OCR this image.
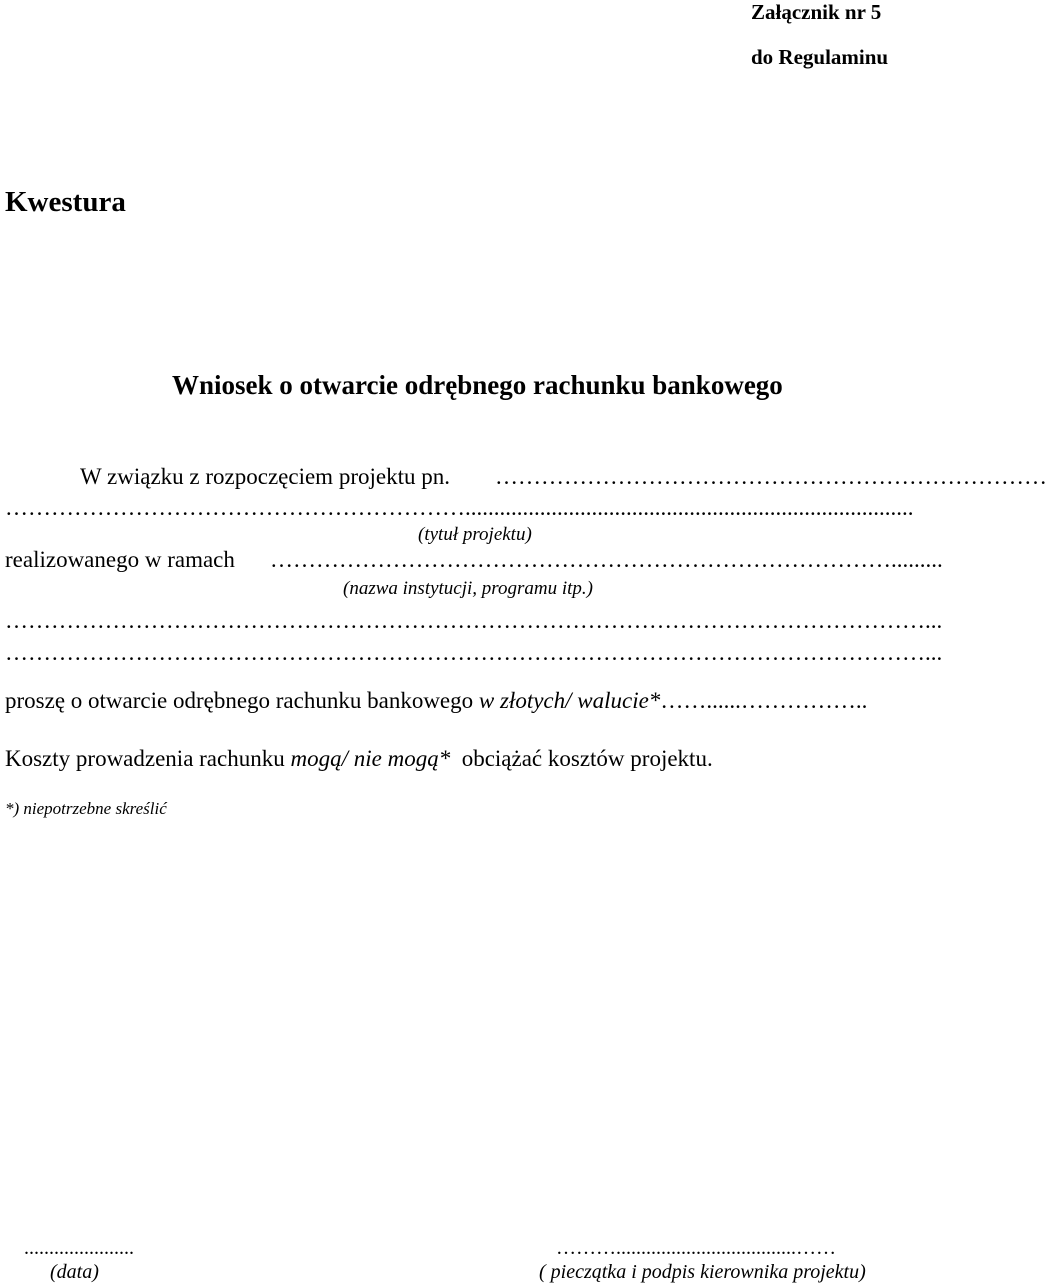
Załącznik nr 5
do Regulaminu
Kwestura
Wniosek o otwarcie odrębnego rachunku bankowego
W związku z rozpoczęciem projektu pn. ………………………………………………………………
……………………………………………………..............................................................................
(tytuł projektu)
realizowanego w ramach ……………………………………………………………………….........
(nazwa instytucji, programu itp.)
…………………………………………………………………………………………………………...
…………………………………………………………………………………………………………...
proszę o otwarcie odrębnego rachunku bankowego w złotych/ walucie*……......……………..
Koszty prowadzenia rachunku mogą/ nie mogą* obciążać kosztów projektu.
*) niepotrzebne skreślić
......................
(data)
………....................................……
( pieczątka i podpis kierownika projektu)
